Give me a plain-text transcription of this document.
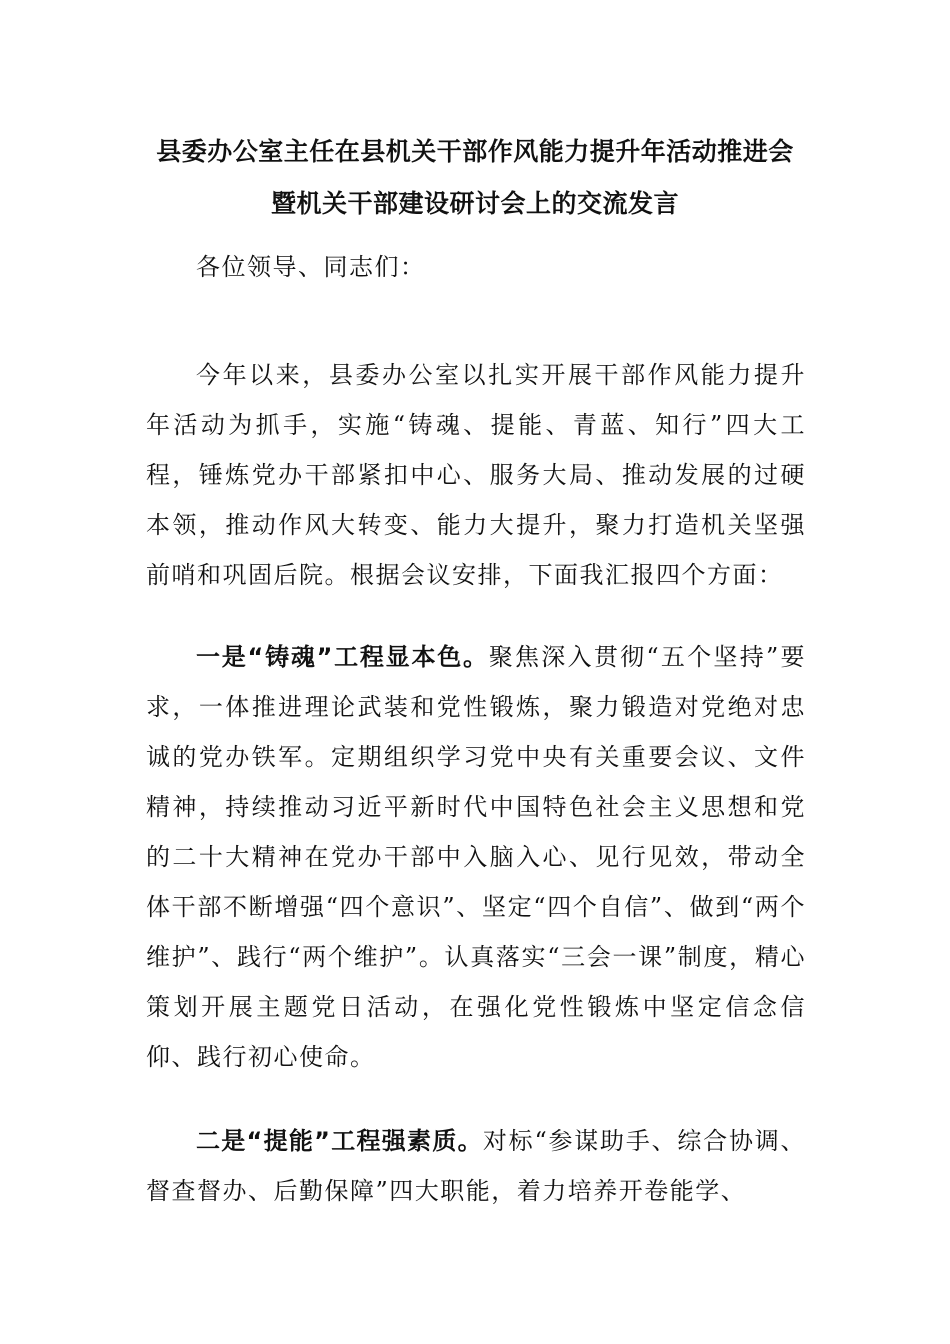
县委办公室主任在县机关干部作风能力提升年活动推进会
暨机关干部建设研讨会上的交流发言

各位领导、同志们：

今年以来，县委办公室以扎实开展干部作风能力提升年活动为抓手，实施“铸魂、提能、青蓝、知行”四大工程，锤炼党办干部紧扣中心、服务大局、推动发展的过硬本领，推动作风大转变、能力大提升，聚力打造机关坚强前哨和巩固后院。根据会议安排，下面我汇报四个方面：

一是“铸魂”工程显本色。聚焦深入贯彻“五个坚持”要求，一体推进理论武装和党性锻炼，聚力锻造对党绝对忠诚的党办铁军。定期组织学习党中央有关重要会议、文件精神，持续推动习近平新时代中国特色社会主义思想和党的二十大精神在党办干部中入脑入心、见行见效，带动全体干部不断增强“四个意识”、坚定“四个自信”、做到“两个维护”、践行“两个维护”。认真落实“三会一课”制度，精心策划开展主题党日活动，在强化党性锻炼中坚定信念信仰、践行初心使命。

二是“提能”工程强素质。对标“参谋助手、综合协调、督查督办、后勤保障”四大职能，着力培养开卷能学、
